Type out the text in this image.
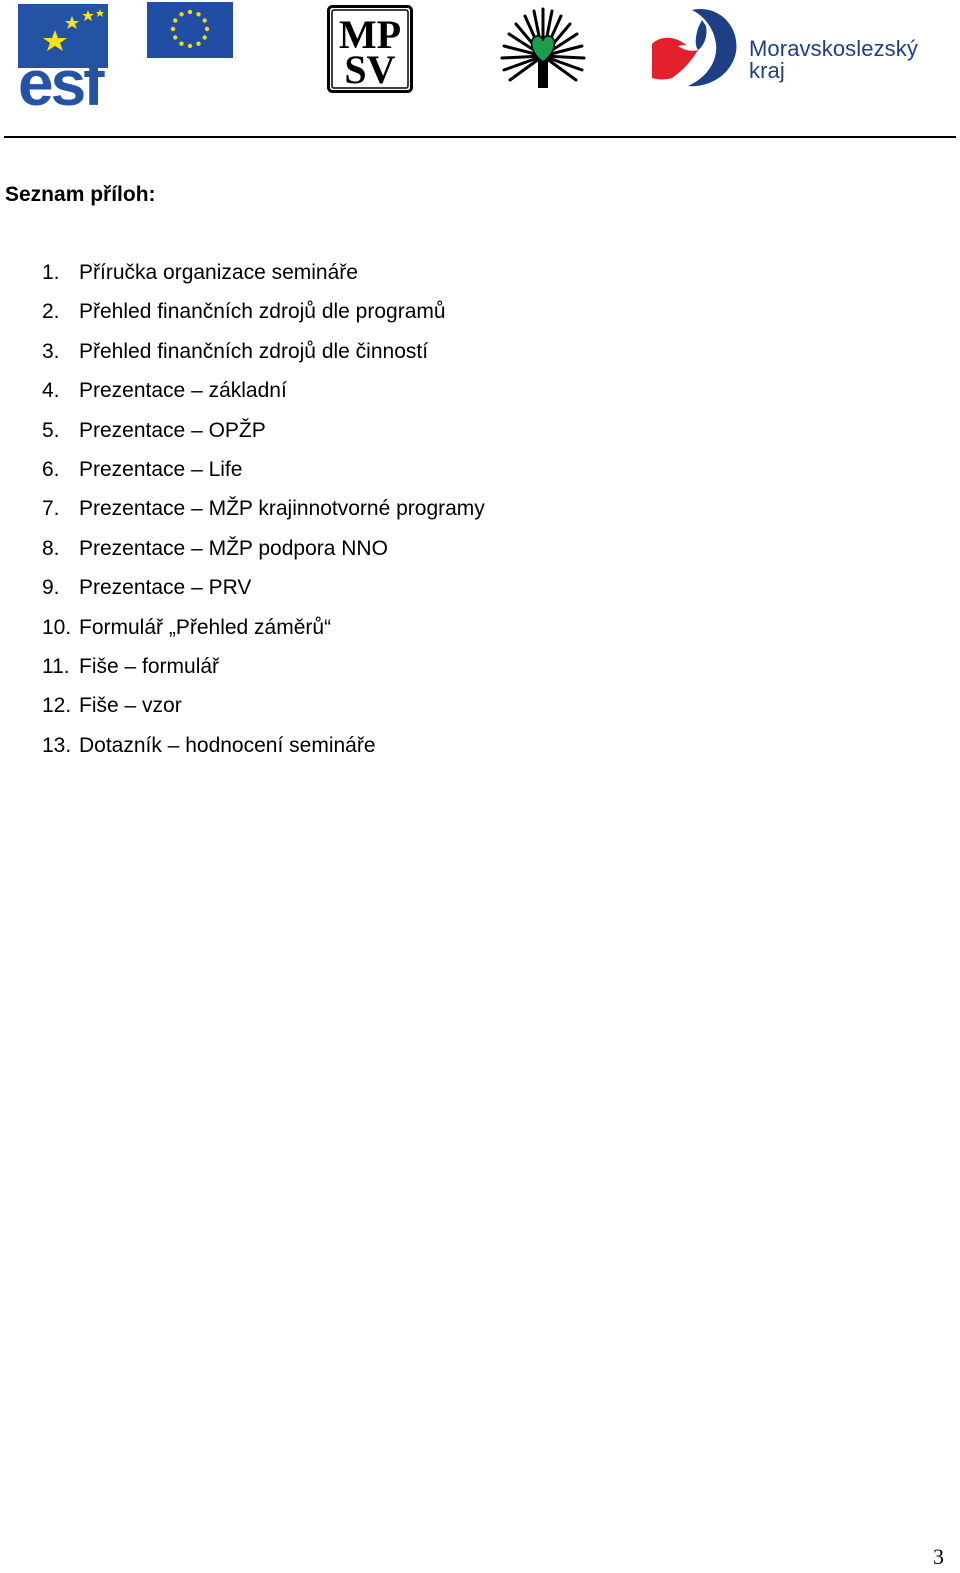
esf
MP
SV	Moravskoslezský
kraj
Seznam příloh:
1. Příručka organizace semináře
2. Přehled finančních zdrojů dle programů
3. Přehled finančních zdrojů dle činností
4. Prezentace – základní
5. Prezentace – OPŽP
6. Prezentace – Life
7. Prezentace – MŽP krajinnotvorné programy
8. Prezentace – MŽP podpora NNO
9. Prezentace – PRV
10. Formulář „Přehled záměrů“
11. Fiše – formulář
12. Fiše – vzor
13. Dotazník – hodnocení semináře
3
